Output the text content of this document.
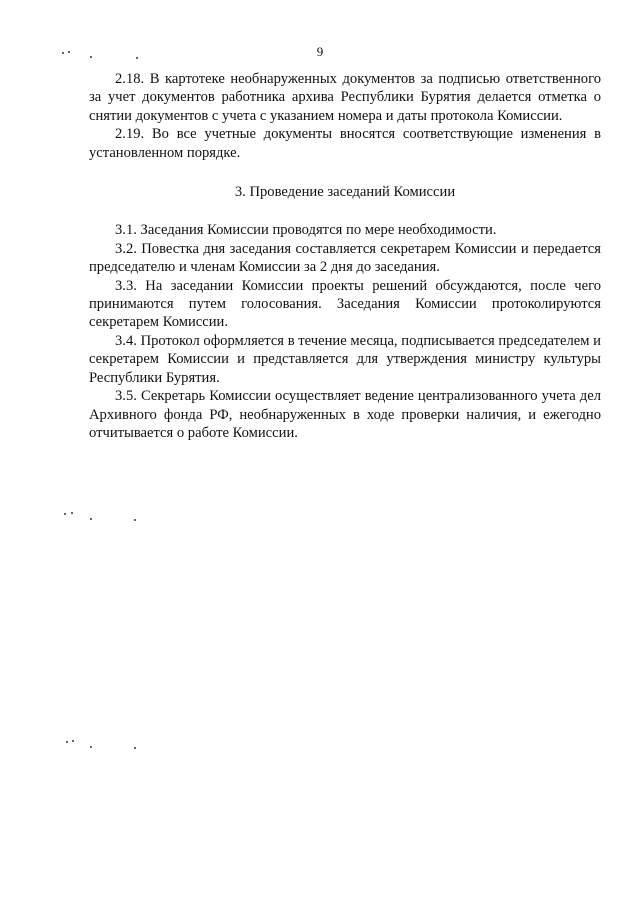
9

2.18. В картотеке необнаруженных документов за подписью ответственного за учет документов работника архива Республики Бурятия делается отметка о снятии документов с учета с указанием номера и даты протокола Комиссии.

2.19. Во все учетные документы вносятся соответствующие изменения в установленном порядке.

3. Проведение заседаний Комиссии

3.1. Заседания Комиссии проводятся по мере необходимости.

3.2. Повестка дня заседания составляется секретарем Комиссии и передается председателю и членам Комиссии за 2 дня до заседания.

3.3. На заседании Комиссии проекты решений обсуждаются, после чего принимаются путем голосования. Заседания Комиссии протоколируются секретарем Комиссии.

3.4. Протокол оформляется в течение месяца, подписывается председателем и секретарем Комиссии и представляется для утверждения министру культуры Республики Бурятия.

3.5. Секретарь Комиссии осуществляет ведение централизованного учета дел Архивного фонда РФ, необнаруженных в ходе проверки наличия, и ежегодно отчитывается о работе Комиссии.
